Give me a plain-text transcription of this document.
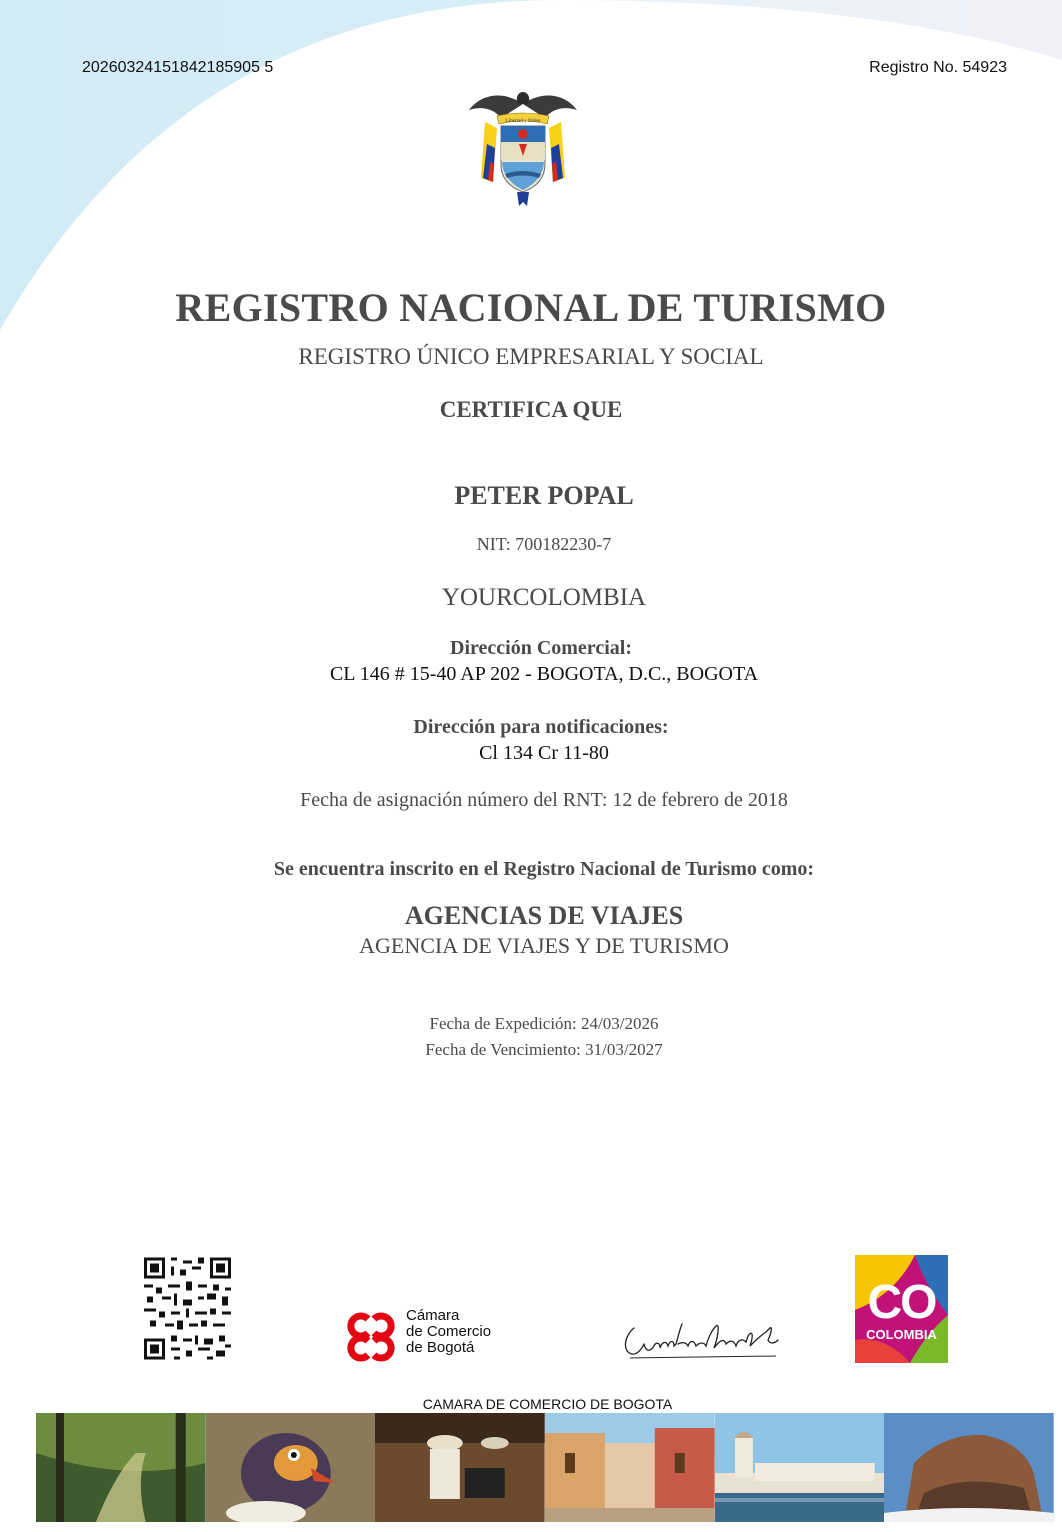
20260324151842185905 5	Registro No. 54923
Libertad y Orden
REGISTRO NACIONAL DE TURISMO
REGISTRO ÚNICO EMPRESARIAL Y SOCIAL
CERTIFICA QUE
PETER POPAL
NIT: 700182230-7
YOURCOLOMBIA
Dirección Comercial:
CL 146 # 15-40 AP 202 - BOGOTA, D.C., BOGOTA
Dirección para notificaciones:
Cl 134 Cr 11-80
Fecha de asignación número del RNT: 12 de febrero de 2018
Se encuentra inscrito en el Registro Nacional de Turismo como:
AGENCIAS DE VIAJES
AGENCIA DE VIAJES Y DE TURISMO
Fecha de Expedición: 24/03/2026
Fecha de Vencimiento: 31/03/2027
Cámara
de Comercio
de Bogotá
CO
COLOMBIA
CAMARA DE COMERCIO DE BOGOTA
